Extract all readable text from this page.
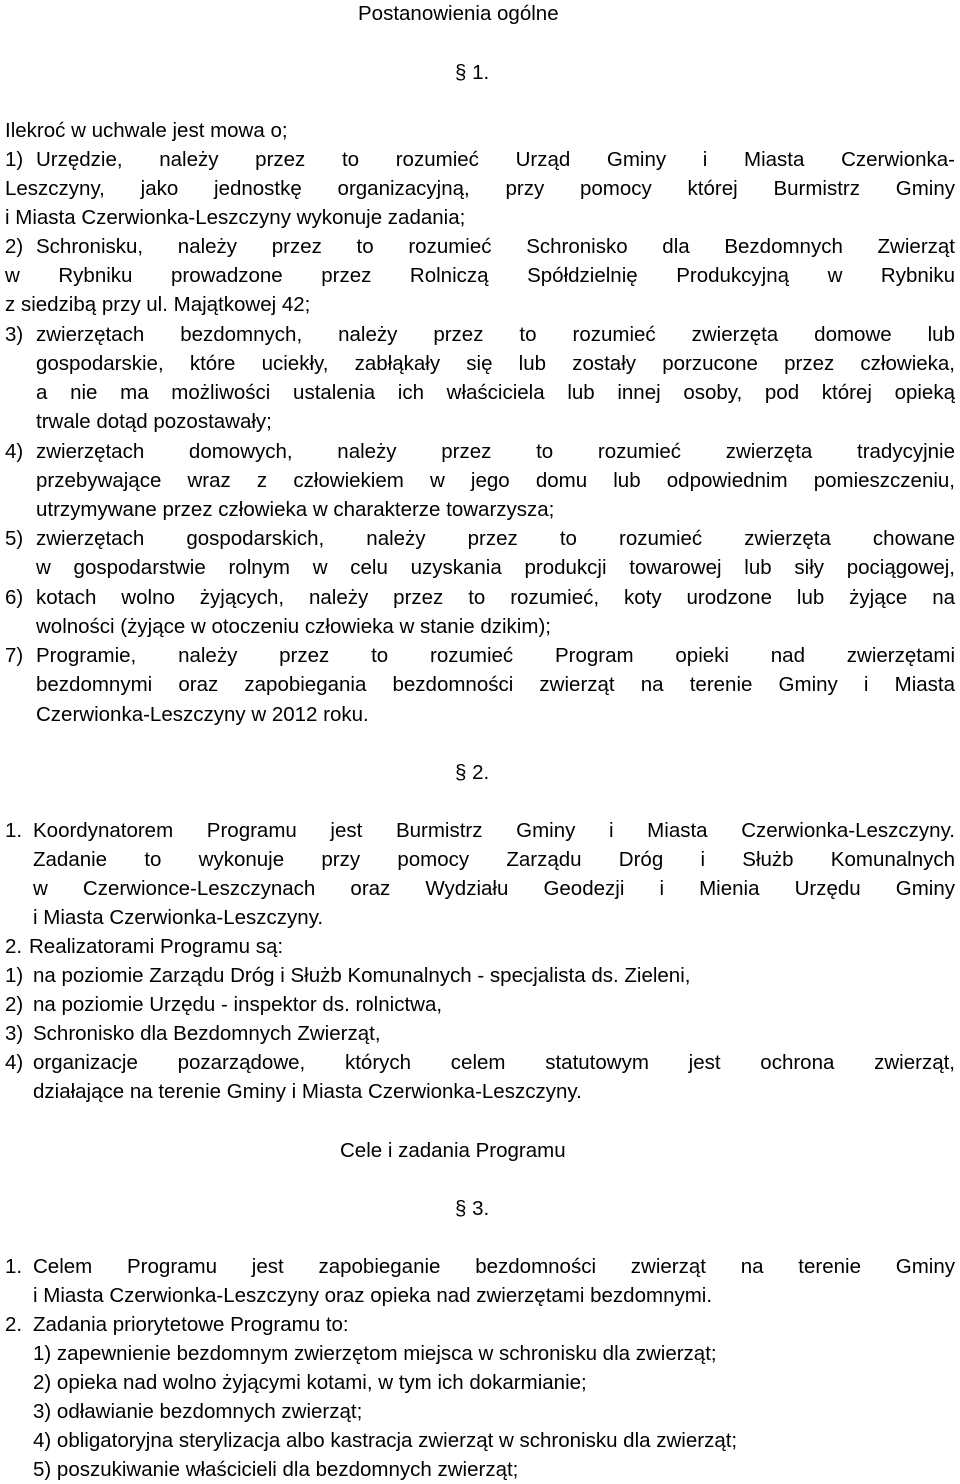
Postanowienia ogólne

§ 1.

Ilekroć w uchwale jest mowa o;

1) Urzędzie, należy przez to rozumieć Urząd Gminy i Miasta Czerwionka-

Leszczyny, jako jednostkę organizacyjną, przy pomocy której Burmistrz Gminy

i Miasta Czerwionka-Leszczyny wykonuje zadania;

2) Schronisku, należy przez to rozumieć Schronisko dla Bezdomnych Zwierząt

w Rybniku prowadzone przez Rolniczą Spółdzielnię Produkcyjną w Rybniku

z siedzibą przy ul. Majątkowej 42;

3) zwierzętach bezdomnych, należy przez to rozumieć zwierzęta domowe lub

gospodarskie, które uciekły, zabłąkały się lub zostały porzucone przez człowieka,

a nie ma możliwości ustalenia ich właściciela lub innej osoby, pod której opieką

trwale dotąd pozostawały;

4) zwierzętach domowych, należy przez to rozumieć zwierzęta tradycyjnie

przebywające wraz z człowiekiem w jego domu lub odpowiednim pomieszczeniu,

utrzymywane przez człowieka w charakterze towarzysza;

5) zwierzętach gospodarskich, należy przez to rozumieć zwierzęta chowane

w gospodarstwie rolnym w celu uzyskania produkcji towarowej lub siły pociągowej,

6) kotach wolno żyjących, należy przez to rozumieć, koty urodzone lub żyjące na

wolności (żyjące w otoczeniu człowieka w stanie dzikim);

7) Programie, należy przez to rozumieć Program opieki nad zwierzętami

bezdomnymi oraz zapobiegania bezdomności zwierząt na terenie Gminy i Miasta

Czerwionka-Leszczyny w 2012 roku.

§ 2.

1. Koordynatorem Programu jest Burmistrz Gminy i Miasta Czerwionka-Leszczyny.

Zadanie to wykonuje przy pomocy Zarządu Dróg i Służb Komunalnych

w Czerwionce-Leszczynach oraz Wydziału Geodezji i Mienia Urzędu Gminy

i Miasta Czerwionka-Leszczyny.

2. Realizatorami Programu są:

1) na poziomie Zarządu Dróg i Służb Komunalnych - specjalista ds. Zieleni,

2) na poziomie Urzędu - inspektor ds. rolnictwa,

3) Schronisko dla Bezdomnych Zwierząt,

4) organizacje pozarządowe, których celem statutowym jest ochrona zwierząt,

działające na terenie Gminy i Miasta Czerwionka-Leszczyny.

Cele i zadania Programu

§ 3.

1. Celem Programu jest zapobieganie bezdomności zwierząt na terenie Gminy

i Miasta Czerwionka-Leszczyny oraz opieka nad zwierzętami bezdomnymi.

2. Zadania priorytetowe Programu to:

1) zapewnienie bezdomnym zwierzętom miejsca w schronisku dla zwierząt;

2) opieka nad wolno żyjącymi kotami, w tym ich dokarmianie;

3) odławianie bezdomnych zwierząt;

4) obligatoryjna sterylizacja albo kastracja zwierząt w schronisku dla zwierząt;

5) poszukiwanie właścicieli dla bezdomnych zwierząt;
